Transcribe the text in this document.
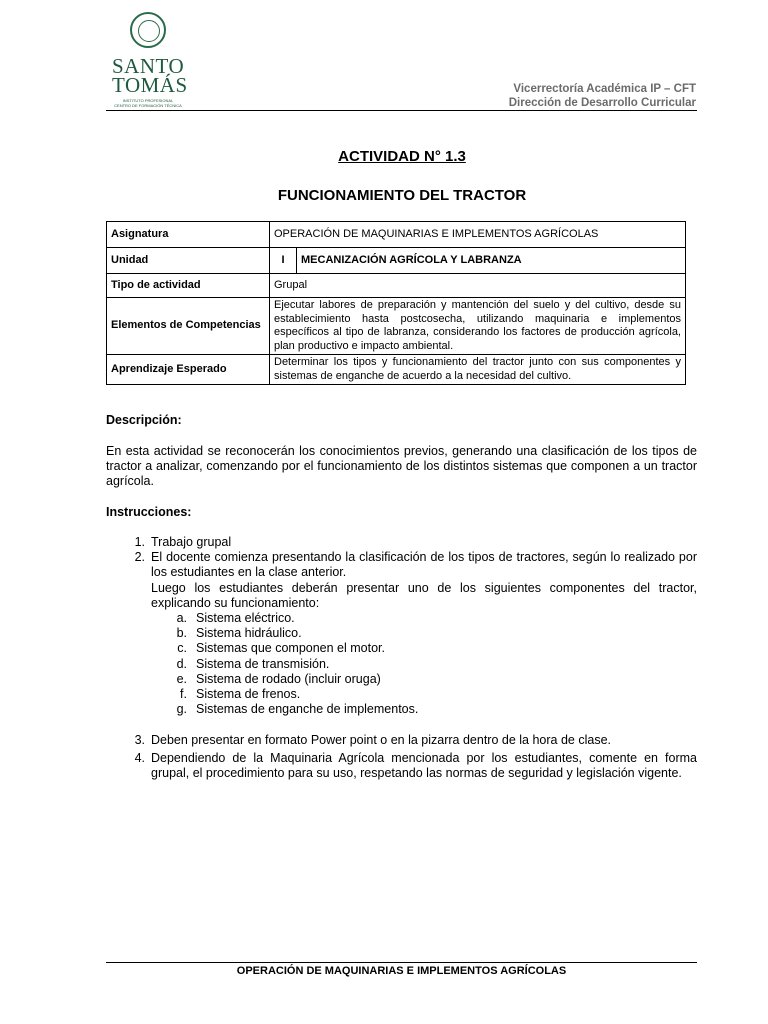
SANTO
TOMÁS
INSTITUTO PROFESIONAL
CENTRO DE FORMACIÓN TÉCNICA
Vicerrectoría Académica IP – CFT
Dirección de Desarrollo Curricular
ACTIVIDAD N° 1.3
FUNCIONAMIENTO DEL TRACTOR
Asignatura	OPERACIÓN DE MAQUINARIAS E IMPLEMENTOS AGRÍCOLAS	
Unidad	I	MECANIZACIÓN AGRÍCOLA Y LABRANZA
Tipo de actividad	Grupal	
Elementos de Competencias	Ejecutar labores de preparación y mantención del suelo y del cultivo, desde su establecimiento hasta postcosecha, utilizando maquinaria e implementos específicos al tipo de labranza, considerando los factores de producción agrícola, plan productivo e impacto ambiental.	
Aprendizaje Esperado	Determinar los tipos y funcionamiento del tractor junto con sus componentes y sistemas de enganche de acuerdo a la necesidad del cultivo.	
Descripción:
En esta actividad se reconocerán los conocimientos previos, generando una clasificación de los tipos de tractor a analizar, comenzando por el funcionamiento de los distintos sistemas que componen a un tractor agrícola.
Instrucciones:
1. Trabajo grupal
2. El docente comienza presentando la clasificación de los tipos de tractores, según lo realizado por los estudiantes en la clase anterior.
Luego los estudiantes deberán presentar uno de los siguientes componentes del tractor, explicando su funcionamiento:
a. Sistema eléctrico.
b. Sistema hidráulico.
c. Sistemas que componen el motor.
d. Sistema de transmisión.
e. Sistema de rodado (incluir oruga)
f. Sistema de frenos.
g. Sistemas de enganche de implementos.
3. Deben presentar en formato Power point o en la pizarra dentro de la hora de clase.
4. Dependiendo de la Maquinaria Agrícola mencionada por los estudiantes, comente en forma grupal, el procedimiento para su uso, respetando las normas de seguridad y legislación vigente.
OPERACIÓN DE MAQUINARIAS E IMPLEMENTOS AGRÍCOLAS
